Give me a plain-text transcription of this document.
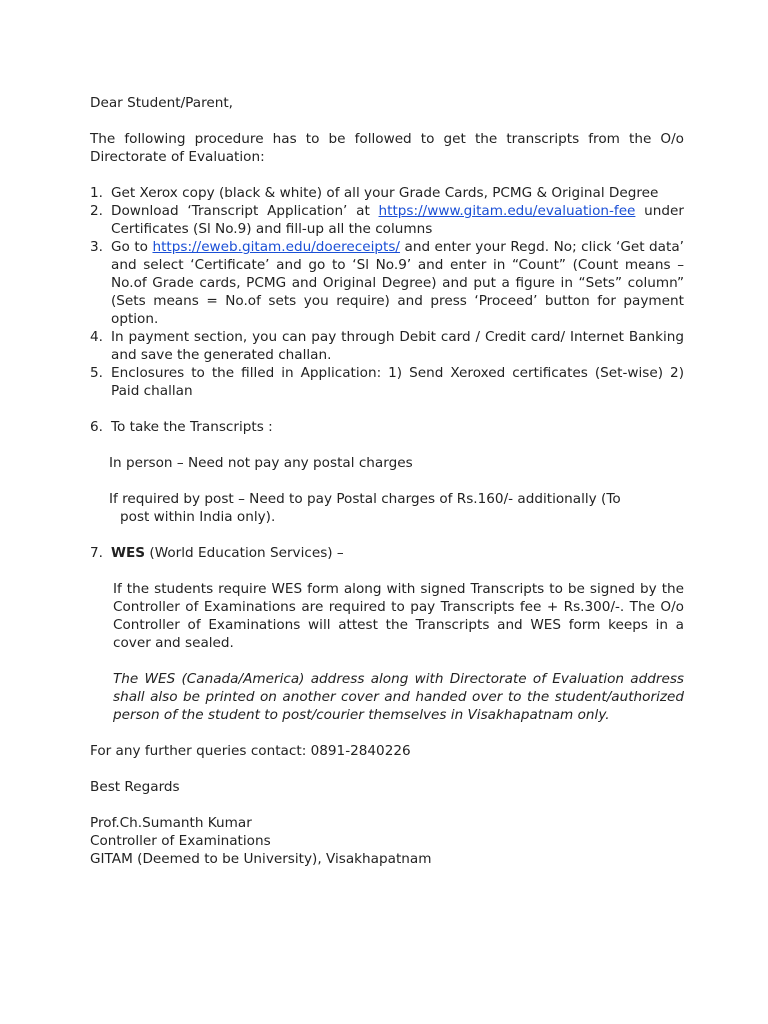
Dear Student/Parent,

The following procedure has to be followed to get the transcripts from the O/o Directorate of Evaluation:

1. Get Xerox copy (black & white) of all your Grade Cards, PCMG & Original Degree
2. Download ‘Transcript Application’ at https://www.gitam.edu/evaluation-fee under Certificates (Sl No.9) and fill-up all the columns
3. Go to https://eweb.gitam.edu/doereceipts/ and enter your Regd. No; click ‘Get data’ and select ‘Certificate’ and go to ‘Sl No.9’ and enter in “Count” (Count means – No.of Grade cards, PCMG and Original Degree) and put a figure in “Sets” column” (Sets means = No.of sets you require) and press ‘Proceed’ button for payment option.
4. In payment section, you can pay through Debit card / Credit card/ Internet Banking and save the generated challan.
5. Enclosures to the filled in Application: 1) Send Xeroxed certificates (Set-wise) 2) Paid challan
6. To take the Transcripts :

In person – Need not pay any postal charges

If required by post – Need to pay Postal charges of Rs.160/- additionally (To post within India only).

7. WES (World Education Services) –

If the students require WES form along with signed Transcripts to be signed by the Controller of Examinations are required to pay Transcripts fee + Rs.300/-. The O/o Controller of Examinations will attest the Transcripts and WES form keeps in a cover and sealed.

The WES (Canada/America) address along with Directorate of Evaluation address shall also be printed on another cover and handed over to the student/authorized person of the student to post/courier themselves in Visakhapatnam only.

For any further queries contact: 0891-2840226

Best Regards

Prof.Ch.Sumanth Kumar

Controller of Examinations

GITAM (Deemed to be University), Visakhapatnam
